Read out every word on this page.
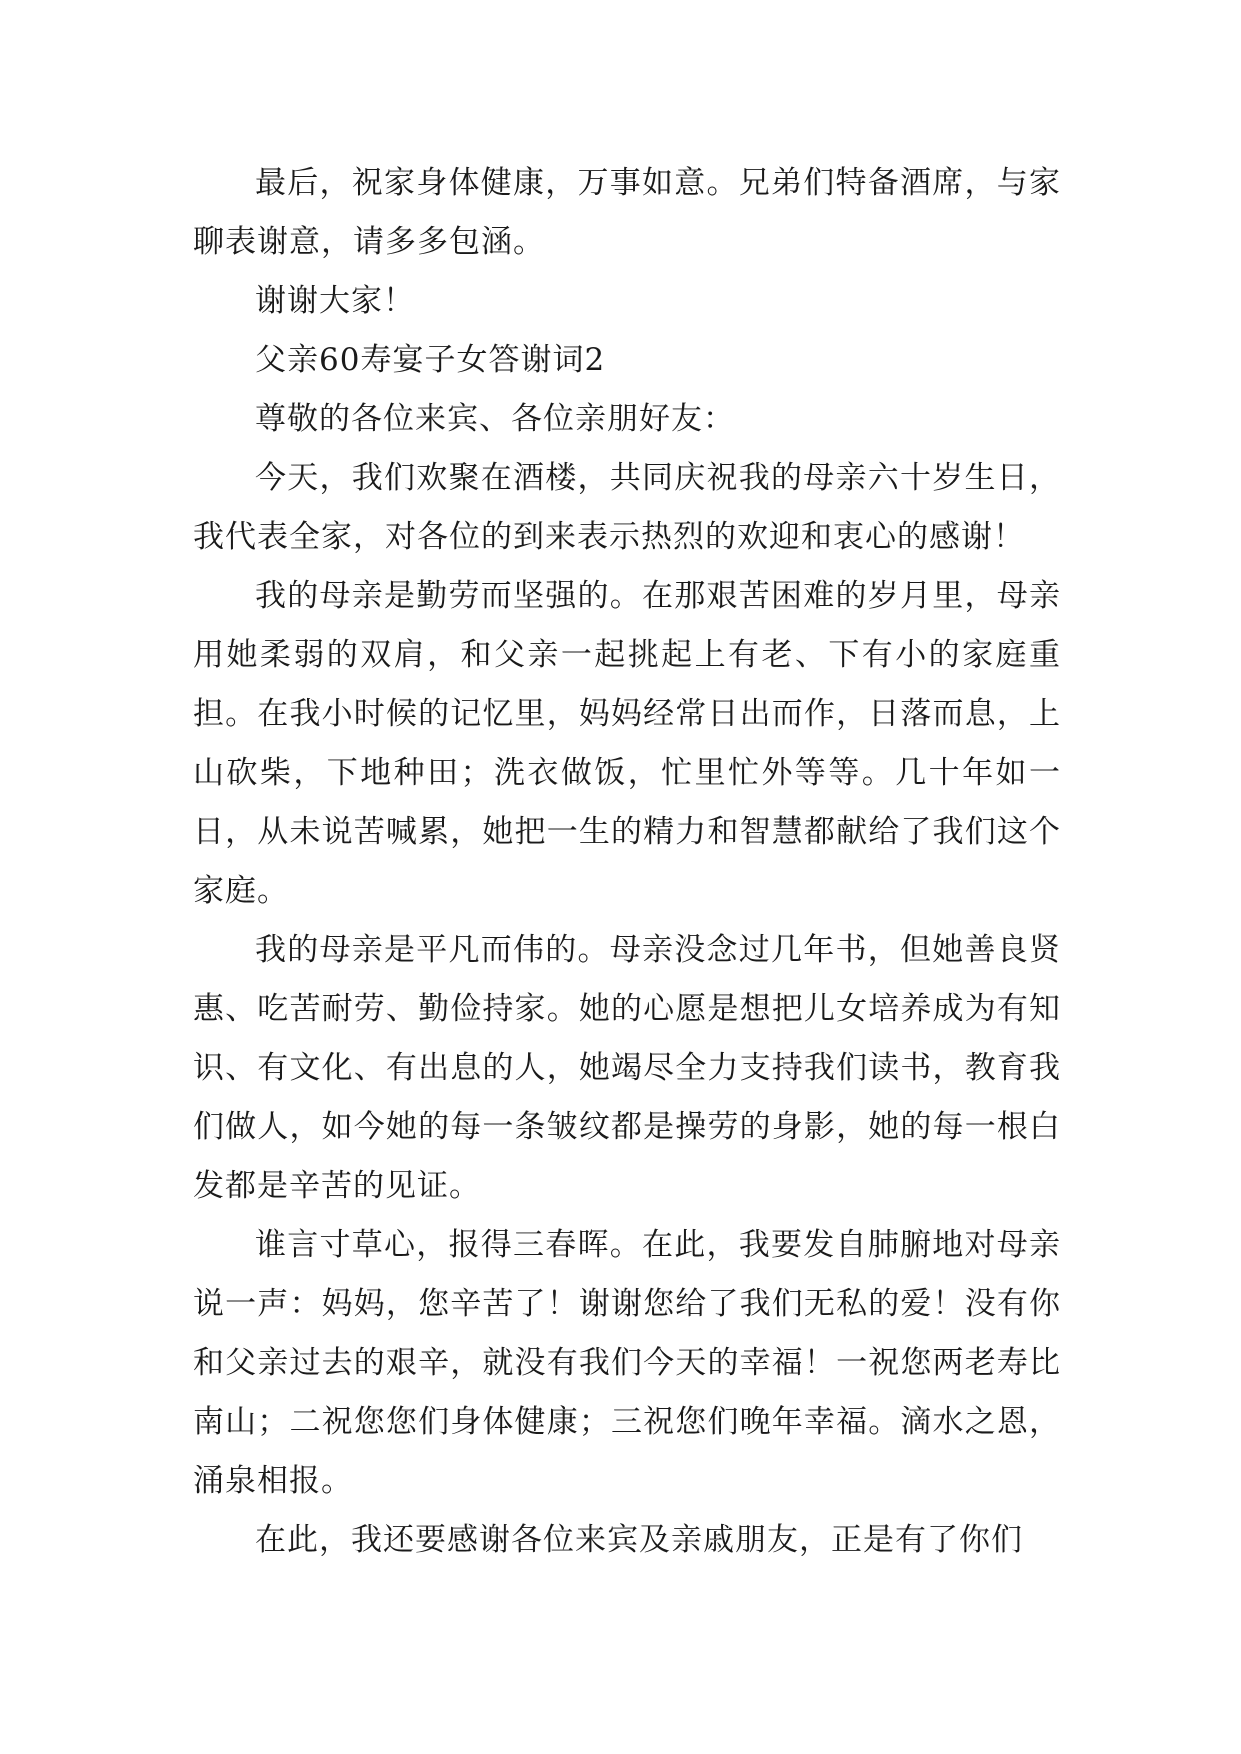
最后，祝家身体健康，万事如意。兄弟们特备酒席，与家聊表谢意，请多多包涵。

谢谢大家！

父亲60寿宴子女答谢词2

尊敬的各位来宾、各位亲朋好友：

今天，我们欢聚在酒楼，共同庆祝我的母亲六十岁生日，我代表全家，对各位的到来表示热烈的欢迎和衷心的感谢！

我的母亲是勤劳而坚强的。在那艰苦困难的岁月里，母亲用她柔弱的双肩，和父亲一起挑起上有老、下有小的家庭重担。在我小时候的记忆里，妈妈经常日出而作，日落而息，上山砍柴，下地种田；洗衣做饭，忙里忙外等等。几十年如一日，从未说苦喊累，她把一生的精力和智慧都献给了我们这个家庭。

我的母亲是平凡而伟的。母亲没念过几年书，但她善良贤惠、吃苦耐劳、勤俭持家。她的心愿是想把儿女培养成为有知识、有文化、有出息的人，她竭尽全力支持我们读书，教育我们做人，如今她的每一条皱纹都是操劳的身影，她的每一根白发都是辛苦的见证。

谁言寸草心，报得三春晖。在此，我要发自肺腑地对母亲说一声：妈妈，您辛苦了！谢谢您给了我们无私的爱！没有你和父亲过去的艰辛，就没有我们今天的幸福！一祝您两老寿比南山；二祝您您们身体健康；三祝您们晚年幸福。滴水之恩，涌泉相报。

在此，我还要感谢各位来宾及亲戚朋友，正是有了你们
